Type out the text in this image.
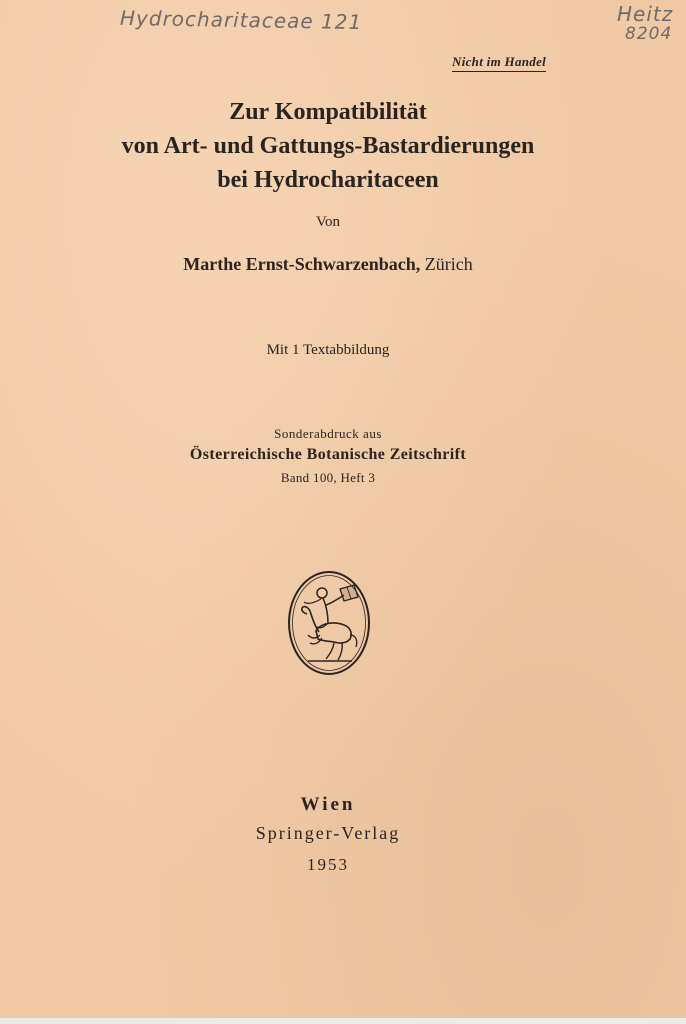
Hydrocharitaceae 121	Heitz
8204
Nicht im Handel
Zur Kompatibilität
von Art- und Gattungs-Bastardierungen
bei Hydrocharitaceen
Von
Marthe Ernst-Schwarzenbach, Zürich
Mit 1 Textabbildung
Sonderabdruck aus
Österreichische Botanische Zeitschrift
Band 100, Heft 3
Wien
Springer-Verlag
1953
